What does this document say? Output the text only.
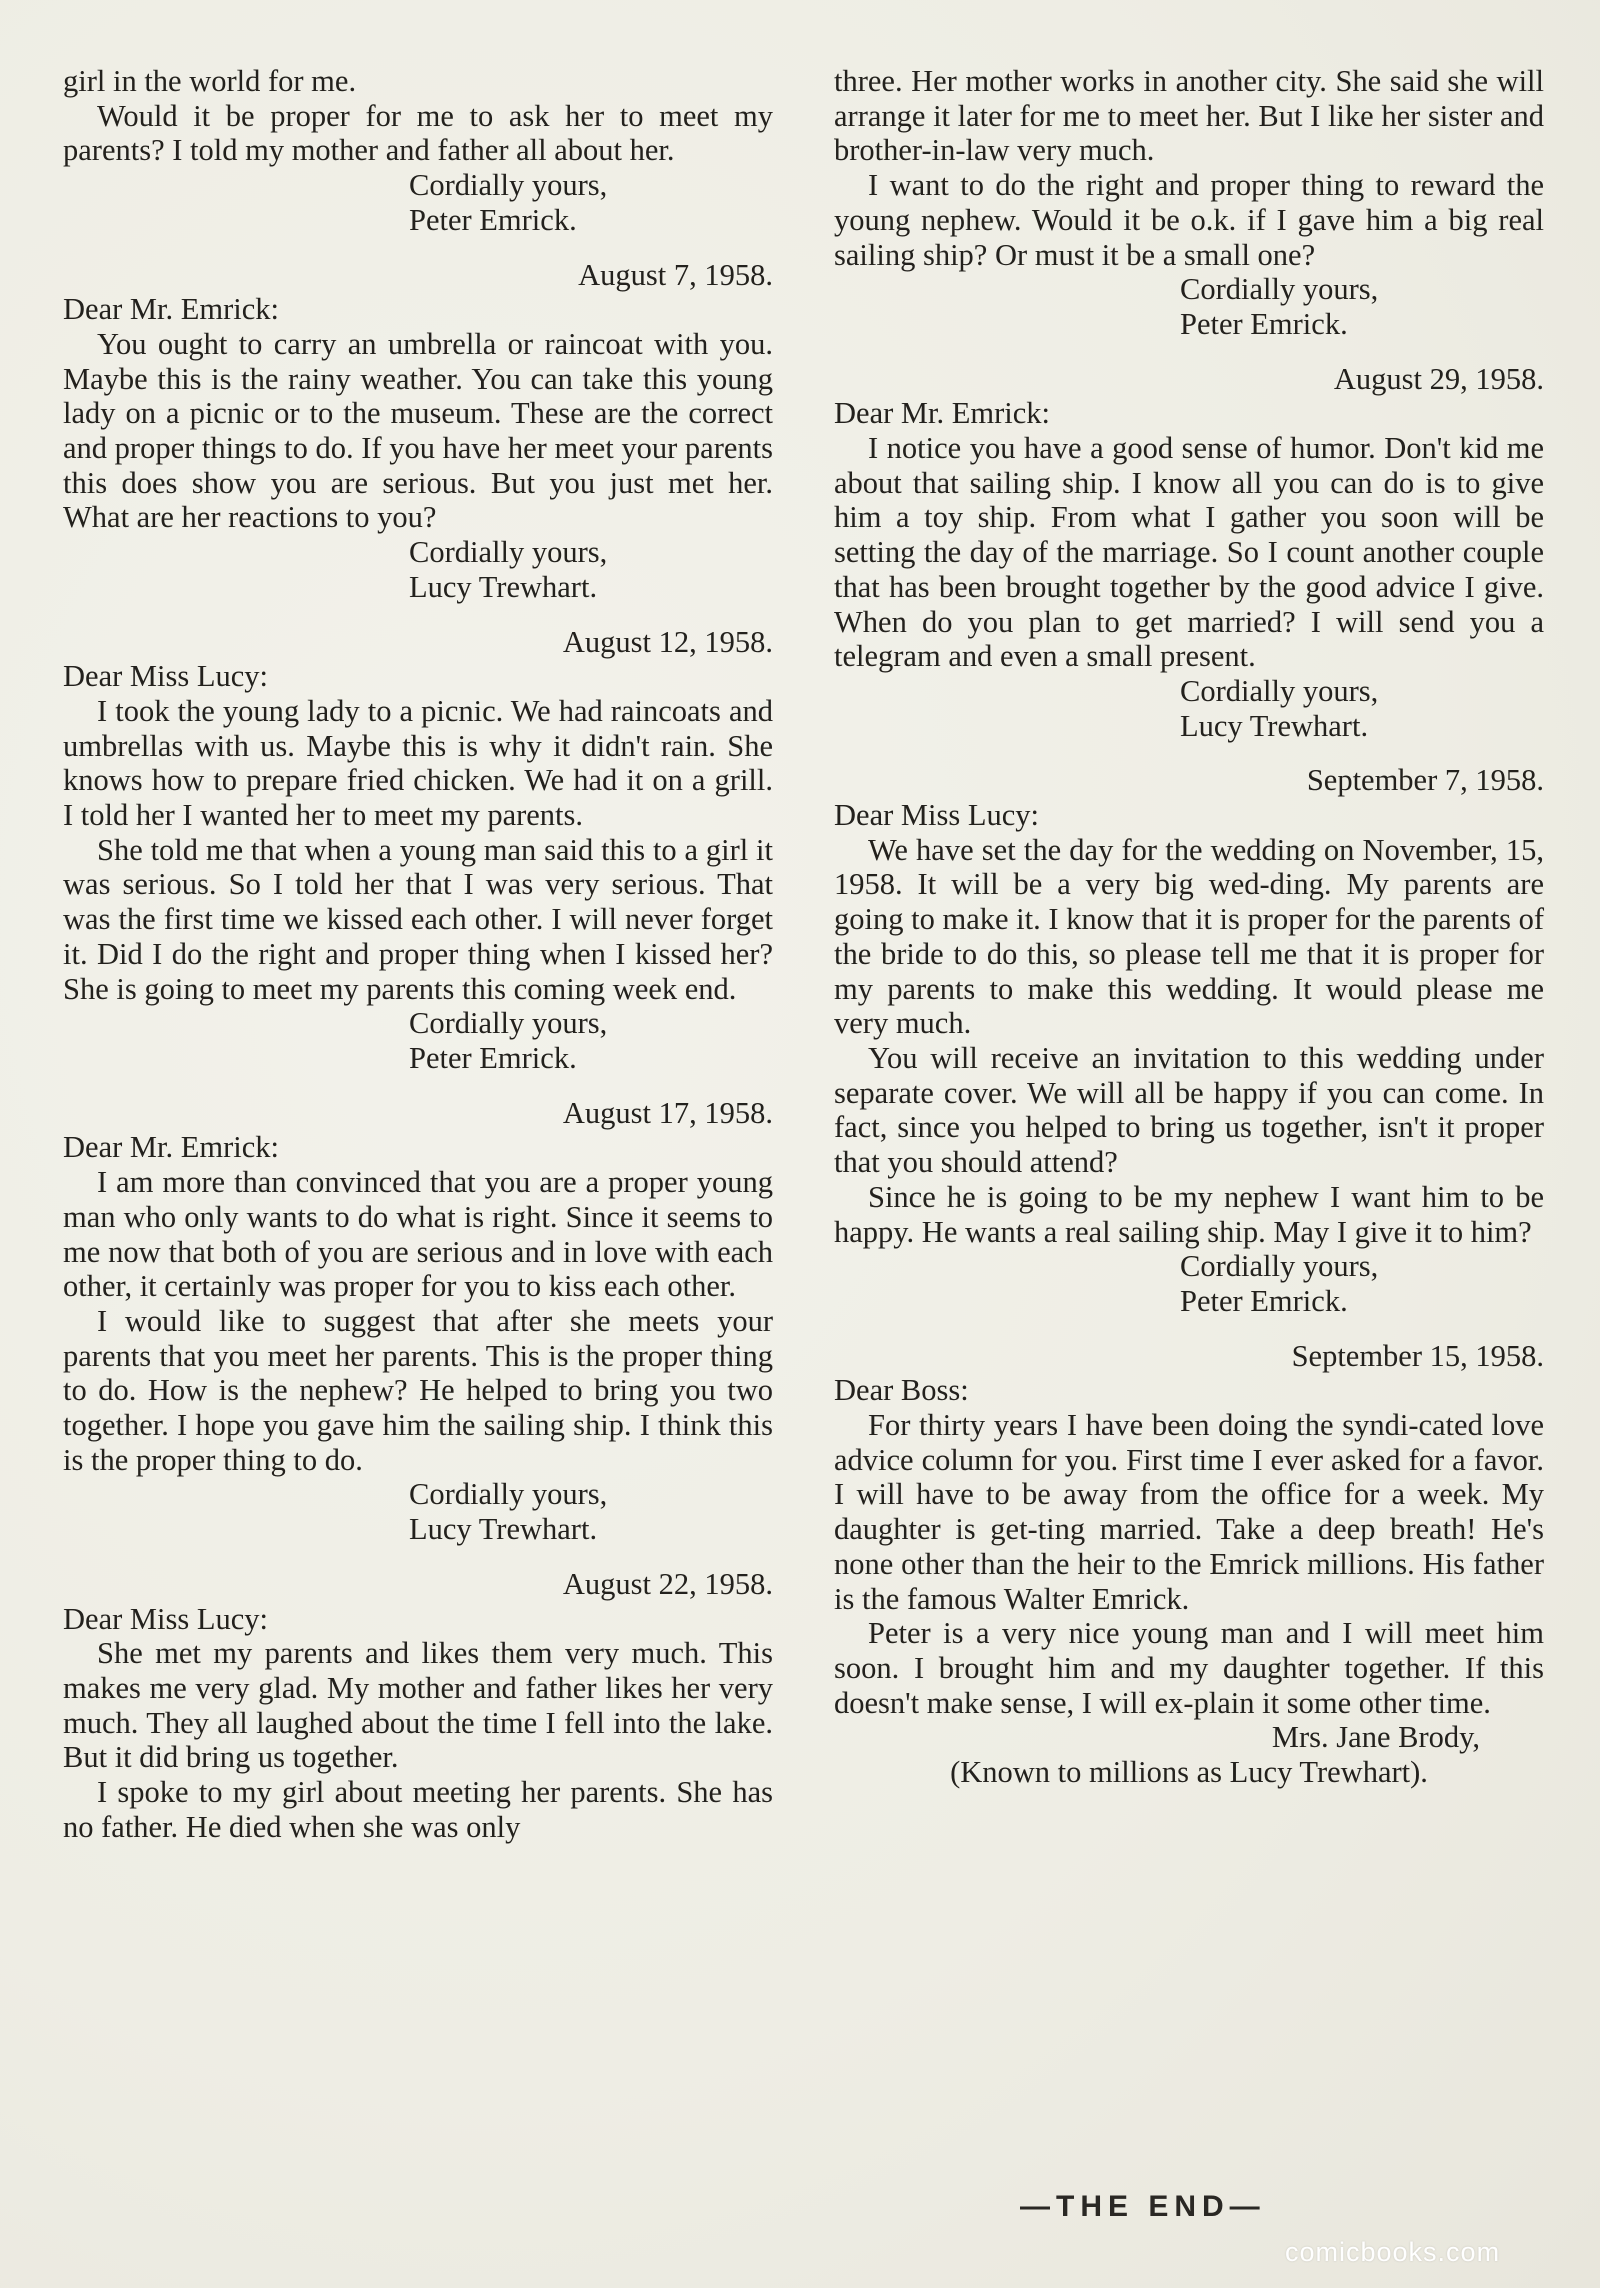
girl in the world for me.

Would it be proper for me to ask her to meet my parents? I told my mother and father all about her.

Cordially yours,
Peter Emrick.
August 7, 1958.
Dear Mr. Emrick:

You ought to carry an umbrella or raincoat with you. Maybe this is the rainy weather. You can take this young lady on a picnic or to the museum. These are the correct and proper things to do. If you have her meet your parents this does show you are serious. But you just met her. What are her reactions to you?

Cordially yours,
Lucy Trewhart.
August 12, 1958.
Dear Miss Lucy:

I took the young lady to a picnic. We had raincoats and umbrellas with us. Maybe this is why it didn't rain. She knows how to prepare fried chicken. We had it on a grill. I told her I wanted her to meet my parents.

She told me that when a young man said this to a girl it was serious. So I told her that I was very serious. That was the first time we kissed each other. I will never forget it. Did I do the right and proper thing when I kissed her? She is going to meet my parents this coming week end.

Cordially yours,
Peter Emrick.
August 17, 1958.
Dear Mr. Emrick:

I am more than convinced that you are a proper young man who only wants to do what is right. Since it seems to me now that both of you are serious and in love with each other, it certainly was proper for you to kiss each other.

I would like to suggest that after she meets your parents that you meet her parents. This is the proper thing to do. How is the nephew? He helped to bring you two together. I hope you gave him the sailing ship. I think this is the proper thing to do.

Cordially yours,
Lucy Trewhart.
August 22, 1958.
Dear Miss Lucy:

She met my parents and likes them very much. This makes me very glad. My mother and father likes her very much. They all laughed about the time I fell into the lake. But it did bring us together.

I spoke to my girl about meeting her parents. She has no father. He died when she was only

three. Her mother works in another city. She said she will arrange it later for me to meet her. But I like her sister and brother-in-law very much.

I want to do the right and proper thing to reward the young nephew. Would it be o.k. if I gave him a big real sailing ship? Or must it be a small one?

Cordially yours,
Peter Emrick.
August 29, 1958.
Dear Mr. Emrick:

I notice you have a good sense of humor. Don't kid me about that sailing ship. I know all you can do is to give him a toy ship. From what I gather you soon will be setting the day of the marriage. So I count another couple that has been brought together by the good advice I give. When do you plan to get married? I will send you a telegram and even a small present.

Cordially yours,
Lucy Trewhart.
September 7, 1958.
Dear Miss Lucy:

We have set the day for the wedding on November, 15, 1958. It will be a very big wed-ding. My parents are going to make it. I know that it is proper for the parents of the bride to do this, so please tell me that it is proper for my parents to make this wedding. It would please me very much.

You will receive an invitation to this wedding under separate cover. We will all be happy if you can come. In fact, since you helped to bring us together, isn't it proper that you should attend?

Since he is going to be my nephew I want him to be happy. He wants a real sailing ship. May I give it to him?

Cordially yours,
Peter Emrick.
September 15, 1958.
Dear Boss:

For thirty years I have been doing the syndi-cated love advice column for you. First time I ever asked for a favor. I will have to be away from the office for a week. My daughter is get-ting married. Take a deep breath! He's none other than the heir to the Emrick millions. His father is the famous Walter Emrick.

Peter is a very nice young man and I will meet him soon. I brought him and my daughter together. If this doesn't make sense, I will ex-plain it some other time.

Mrs. Jane Brody,
(Known to millions as Lucy Trewhart).
—THE END—
comicbooks.com
